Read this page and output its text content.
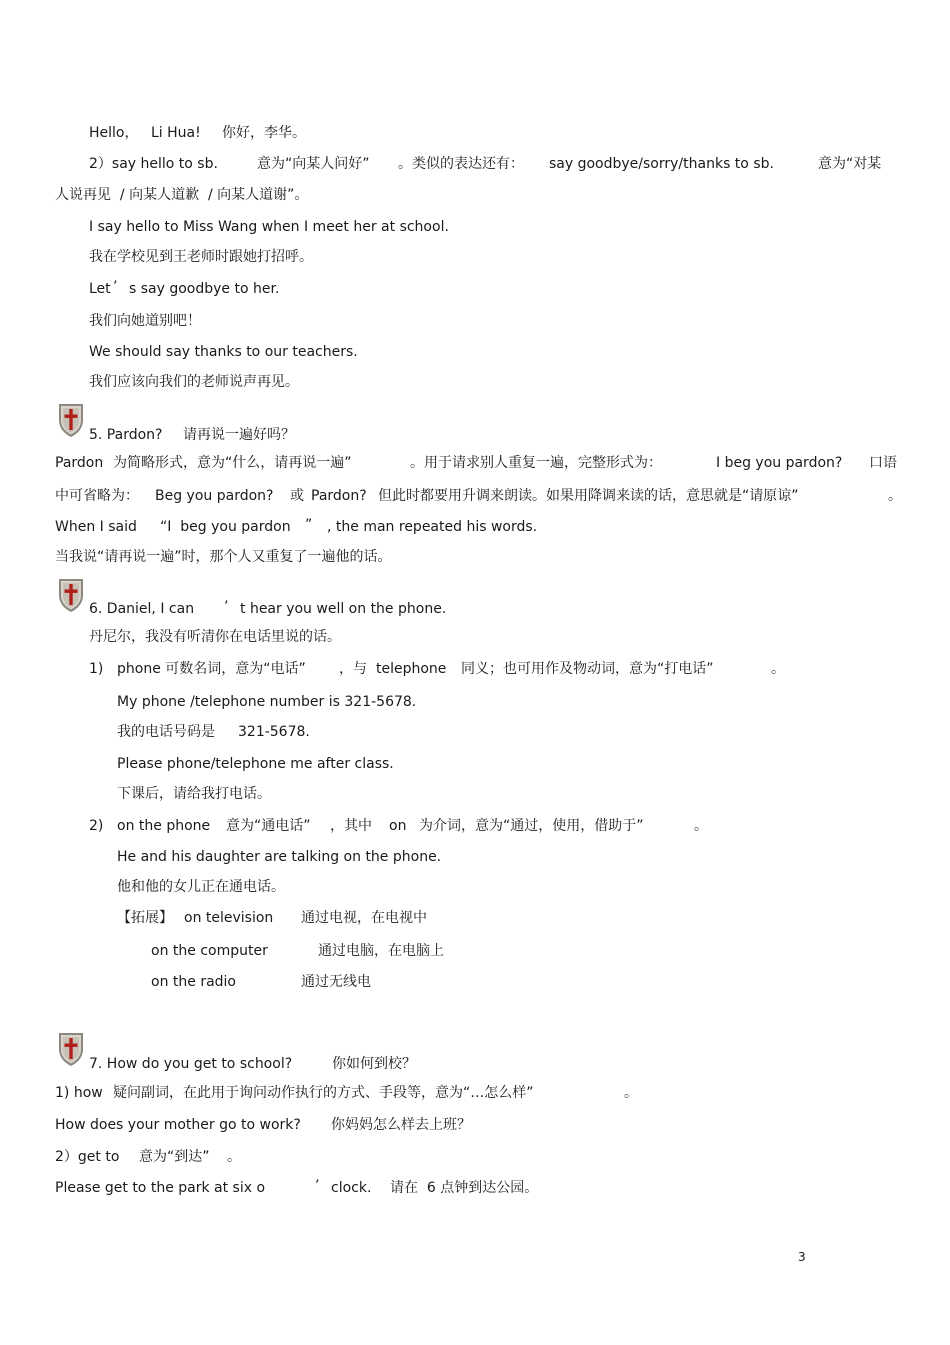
Hello， Li Hua! 你好，李华。
2）say hello to sb.	意为“向某人问好” 。类似的表达还有： say goodbye/sorry/thanks to sb.	意为“对某
人说再见  / 向某人道歉  / 向某人道谢”。
I say hello to Miss Wang when I meet her at school.
我在学校见到王老师时跟她打招呼。
Let ’ s say goodbye to her.
我们向她道别吧！
We should say thanks to our teachers.
我们应该向我们的老师说声再见。
5. Pardon? 请再说一遍好吗？
Pardon 为简略形式，意为“什么，请再说一遍”	。用于请求别人重复一遍，完整形式为：	I beg you pardon? 口语
中可省略为： Beg you pardon? 或 Pardon? 但此时都要用升调来朗读。如果用降调来读的话，意思就是“请原谅”	。
When I said “I  beg you pardon ” , the man repeated his words.
当我说“请再说一遍”时，那个人又重复了一遍他的话。
6. Daniel, I can ’ t hear you well on the phone.
丹尼尔，我没有听清你在电话里说的话。
1) phone 可数名词，意为“电话” ，与 telephone 同义；也可用作及物动词，意为“打电话”	。
My phone /telephone number is 321-5678.
我的电话号码是 321-5678.
Please phone/telephone me after class.
下课后，请给我打电话。
2) on the phone 意为“通电话” ，其中 on 为介词，意为“通过，使用，借助于”	。
He and his daughter are talking on the phone.
他和他的女儿正在通电话。
【拓展】 on television 通过电视，在电视中
on the computer	通过电脑，在电脑上
on the radio	通过无线电
7. How do you get to school?	你如何到校？
1) how 疑问副词，在此用于询问动作执行的方式、手段等，意为“…怎么样”	。
How does your mother go to work? 你妈妈怎么样去上班？
2）get to 意为“到达” 。
Please get to the park at six o	’ clock. 请在  6 点钟到达公园。
3
